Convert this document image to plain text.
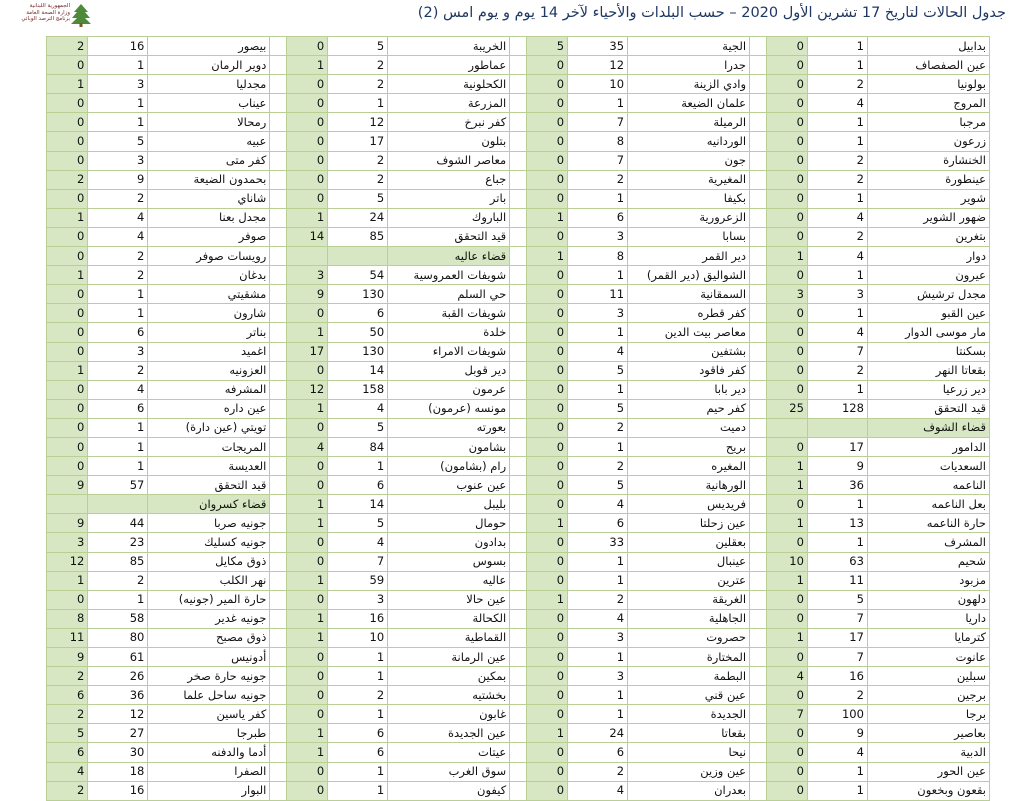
الجمهورية اللبنانية
وزارة الصحة العامة
برنامج الترصد الوبائي	جدول الحالات لتاريخ 17 تشرين الأول 2020 – حسب البلدات والأحياء لآخر 14 يوم و يوم امس (2)
2	16	بيصور		0	5	الخريبة		5	35	الجية		0	1	بدابيل
0	1	دوير الرمان		1	2	عماطور		0	12	جدرا		0	1	عين الصفصاف
1	3	مجدليا		0	2	الكحلونية		0	10	وادي الزينة		0	2	بولونيا
0	1	عيناب		0	1	المزرعة		0	1	علمان الضيعة		0	4	المروج
0	1	رمحالا		0	12	كفر نبرخ		0	7	الرميلة		0	1	مرجبا
0	5	عبيه		0	17	بتلون		0	8	الوردانيه		0	1	زرعون
0	3	كفر متى		0	2	معاصر الشوف		0	7	جون		0	2	الخنشارة
2	9	بحمدون الضيعة		0	2	جباع		0	2	المغيرية		0	2	عينطورة
0	2	شاناي		0	5	باتر		0	1	بكيفا		0	1	شوير
1	4	مجدل بعنا		1	24	الباروك		1	6	الزعرورية		0	4	ضهور الشوير
0	4	صوفر		14	85	قيد التحقق		0	3	بسابا		0	2	بتغرين
0	2	رويسات صوفر				قضاء عاليه		1	8	دير القمر		1	4	دوار
1	2	بدغان		3	54	شويفات العمروسية		0	1	الشواليق (دير القمر)		0	1	عيرون
0	1	مشقيتي		9	130	حي السلم		0	11	السمقانية		3	3	مجدل ترشيش
0	1	شارون		0	6	شويفات القبة		0	3	كفر قطره		0	1	عين القبو
0	6	بناتر		1	50	خلدة		0	1	معاصر بيت الدين		0	4	مار موسى الدوار
0	3	اغميد		17	130	شويفات الامراء		0	4	بشتفين		0	7	بسكنتا
1	2	العزونيه		0	14	دير قوبل		0	5	كفر فاقود		0	2	بقعاتا النهر
0	4	المشرفه		12	158	عرمون		0	1	دير بابا		0	1	دير زرعيا
0	6	عين داره		1	4	مونسه (عرمون)		0	5	كفر حيم		25	128	قيد التحقق
0	1	تويتي (عين دارة)		0	5	بعورته		0	2	دميت				قضاء الشوف
0	1	المريجات		4	84	بشامون		0	1	بريح		0	17	الدامور
0	1	العديسة		0	1	رام (بشامون)		0	2	المغيره		1	9	السعديات
9	57	قيد التحقق		0	6	عين عنوب		0	5	الورهانية		1	36	الناعمه
		قضاء كسروان		1	14	بليبل		0	4	فريديس		0	1	بعل الناعمه
9	44	جونيه صربا		1	5	حومال		1	6	عين زحلتا		1	13	حارة الناعمه
3	23	جونيه كسليك		0	4	بدادون		0	33	بعقلين		0	1	المشرف
12	85	ذوق مكايل		0	7	بسوس		0	1	عينبال		10	63	شحيم
1	2	نهر الكلب		1	59	عاليه		0	1	عترين		1	11	مزبود
0	1	حارة المير (جونيه)		0	3	عين حالا		1	2	الغريقة		0	5	دلهون
8	58	جونيه غدير		1	16	الكحالة		0	4	الجاهلية		0	7	داريا
11	80	ذوق مصبح		1	10	القماطية		0	3	حصروت		1	17	كترمايا
9	61	أدونيس		0	1	عين الرمانة		0	1	المختارة		0	7	عانوت
2	26	جونيه حارة صخر		0	1	بمكين		0	3	البطمة		4	16	سبلين
6	36	جونيه ساحل علما		0	2	بخشتيه		0	1	عين قني		0	2	برجين
2	12	كفر ياسين		0	1	غابون		0	1	الجديدة		7	100	برجا
5	27	طبرجا		1	6	عين الجديدة		1	24	بقعاتا		0	9	بعاصير
6	30	أدما والدفنه		1	6	عيتات		0	6	نيحا		0	4	الدبية
4	18	الصفرا		0	1	سوق الغرب		0	2	عين وزين		0	1	عين الحور
2	16	البوار		0	1	كيفون		0	4	بعدران		0	1	بقعون وبخعون
